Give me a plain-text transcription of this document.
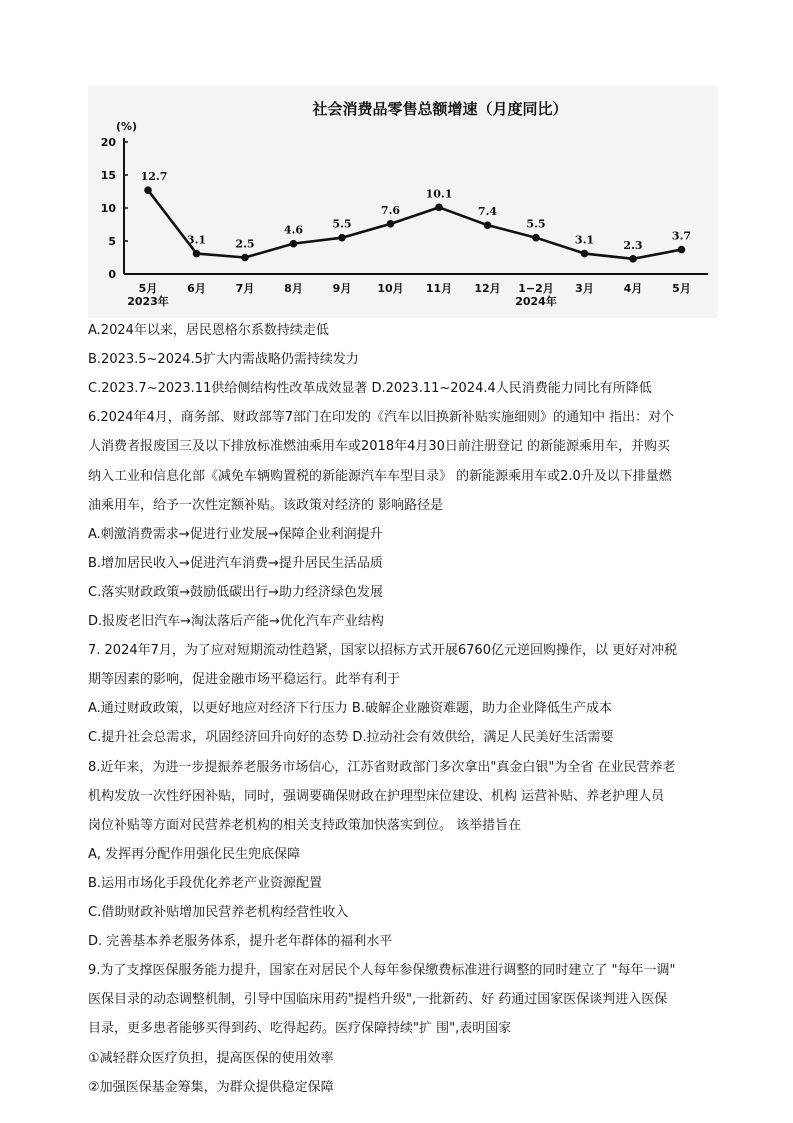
社会消费品零售总额增速（月度同比）
(%)
0
5
10
15
20
5月	6月	7月	8月	9月 10月 11月 12月 1−2月 3月	4月	5月
2023年	2024年
12.7
3.1	2.5
4.6	5.5
7.6
10.1
7.4
5.5
3.1	2.3
3.7
A.2024年以来，居民恩格尔系数持续走低
B.2023.5~2024.5扩大内需战略仍需持续发力
C.2023.7~2023.11供给侧结构性改革成效显著 D.2023.11~2024.4人民消费能力同比有所降低
6.2024年4月，商务部、财政部等7部门在印发的《汽车以旧换新补贴实施细则》的通知中 指出：对个
人消费者报废国三及以下排放标准燃油乘用车或2018年4月30日前注册登记 的新能源乘用车，并购买
纳入工业和信息化部《减免车辆购置税的新能源汽车车型目录》 的新能源乘用车或2.0升及以下排量燃
油乘用车，给予一次性定额补贴。该政策对经济的 影响路径是
A.刺激消费需求→促进行业发展→保障企业利润提升
B.增加居民收入→促进汽车消费→提升居民生活品质
C.落实财政政策→鼓励低碳出行→助力经济绿色发展
D.报废老旧汽车→淘汰落后产能→优化汽车产业结构
7. 2024年7月，为了应对短期流动性趋紧，国家以招标方式开展6760亿元逆回购操作，以 更好对冲税
期等因素的影响，促进金融市场平稳运行。此举有利于
A.通过财政政策，以更好地应对经济下行压力 B.破解企业融资难题，助力企业降低生产成本
C.提升社会总需求，巩固经济回升向好的态势 D.拉动社会有效供给，满足人民美好生活需要
8.近年来，为进一步提振养老服务市场信心，江苏省财政部门多次拿出"真金白银"为全省 在业民营养老
机构发放一次性纾困补贴，同时，强调要确保财政在护理型床位建设、机构 运营补贴、养老护理人员
岗位补贴等方面对民营养老机构的相关支持政策加快落实到位。 该举措旨在
A, 发挥再分配作用强化民生兜底保障
B.运用市场化手段优化养老产业资源配置
C.借助财政补贴增加民营养老机构经营性收入
D. 完善基本养老服务体系，提升老年群体的福利水平
9.为了支撑医保服务能力提升，国家在对居民个人每年参保缴费标准进行调整的同时建立了 "每年一调"
医保目录的动态调整机制，引导中国临床用药"提档升级",一批新药、好 药通过国家医保谈判进入医保
目录，更多患者能够买得到药、吃得起药。医疗保障持续"扩 围",表明国家
①减轻群众医疗负担，提高医保的使用效率
②加强医保基金筹集，为群众提供稳定保障
